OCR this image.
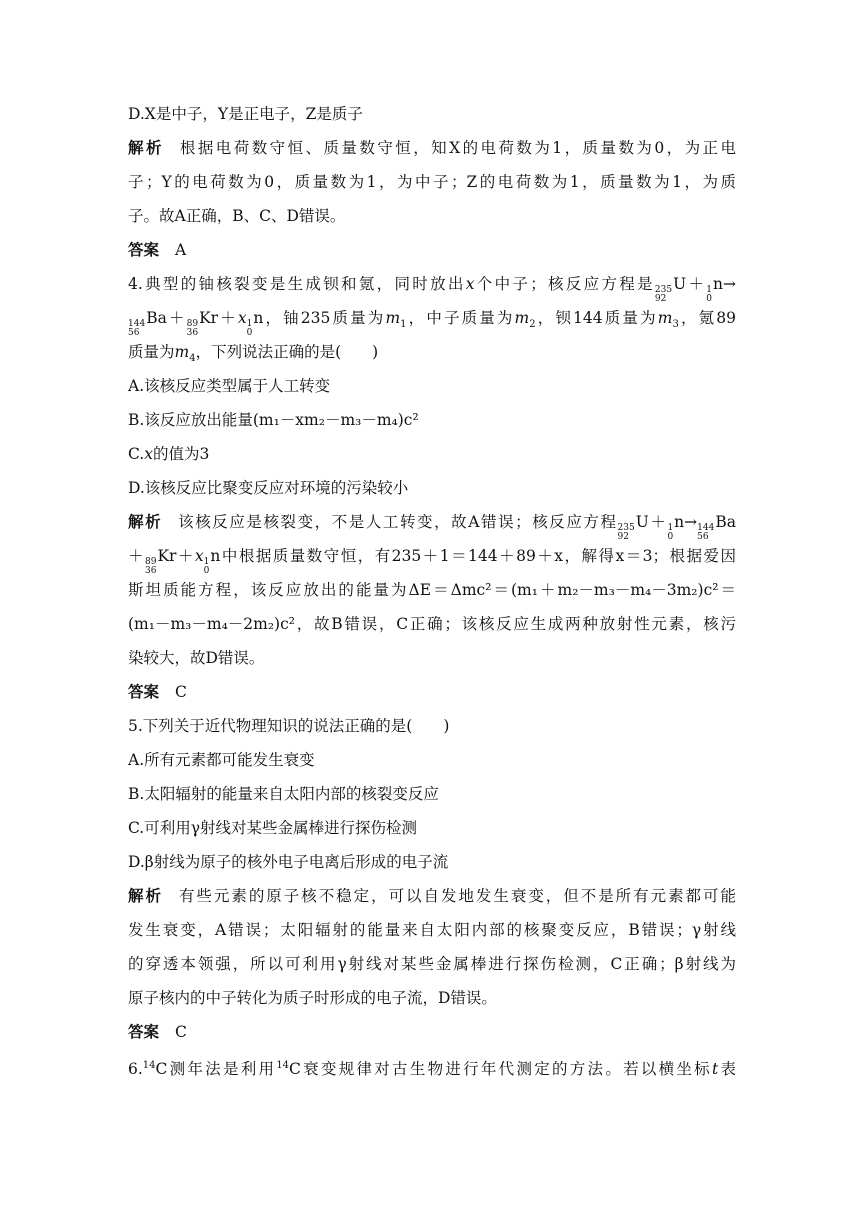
D.X是中子，Y是正电子，Z是质子
解析 根据电荷数守恒、质量数守恒，知X的电荷数为1，质量数为0，为正电
子；Y的电荷数为0，质量数为1，为中子；Z的电荷数为1，质量数为1，为质
子。故A正确，B、C、D错误。
答案 A
4.典型的铀核裂变是生成钡和氪，同时放出x个中子；核反应方程是 235
92
U＋ 1
0
n→
144
56
Ba＋ 89
36
Kr＋x 1
0
n，铀235质量为$m_1$，中子质量为$m_2$，钡144质量为$m_3$，氪89
质量为$m_4$，下列说法正确的是(　　)
A.该核反应类型属于人工转变
B.该反应放出能量(m₁－xm₂－m₃－m₄)c²
C.x的值为3
D.该核反应比聚变反应对环境的污染较小
解析 该核反应是核裂变，不是人工转变，故A错误；核反应方程 235
92
U＋ 1
0
n→ 144
56
Ba
＋ 89
36
Kr＋x 1
0
n中根据质量数守恒，有235＋1＝144＋89＋x，解得x＝3；根据爱因
斯坦质能方程，该反应放出的能量为ΔE＝Δmc²＝(m₁＋m₂－m₃－m₄－3m₂)c²＝
(m₁－m₃－m₄－2m₂)c²，故B错误，C正确；该核反应生成两种放射性元素，核污
染较大，故D错误。
答案 C
5.下列关于近代物理知识的说法正确的是(　　)
A.所有元素都可能发生衰变
B.太阳辐射的能量来自太阳内部的核裂变反应
C.可利用γ射线对某些金属棒进行探伤检测
D.β射线为原子的核外电子电离后形成的电子流
解析 有些元素的原子核不稳定，可以自发地发生衰变，但不是所有元素都可能
发生衰变，A错误；太阳辐射的能量来自太阳内部的核聚变反应，B错误；γ射线
的穿透本领强，所以可利用γ射线对某些金属棒进行探伤检测，C正确；β射线为
原子核内的中子转化为质子时形成的电子流，D错误。
答案 C
6.14C测年法是利用$^{14}$C衰变规律对古生物进行年代测定的方法。若以横坐标t表
